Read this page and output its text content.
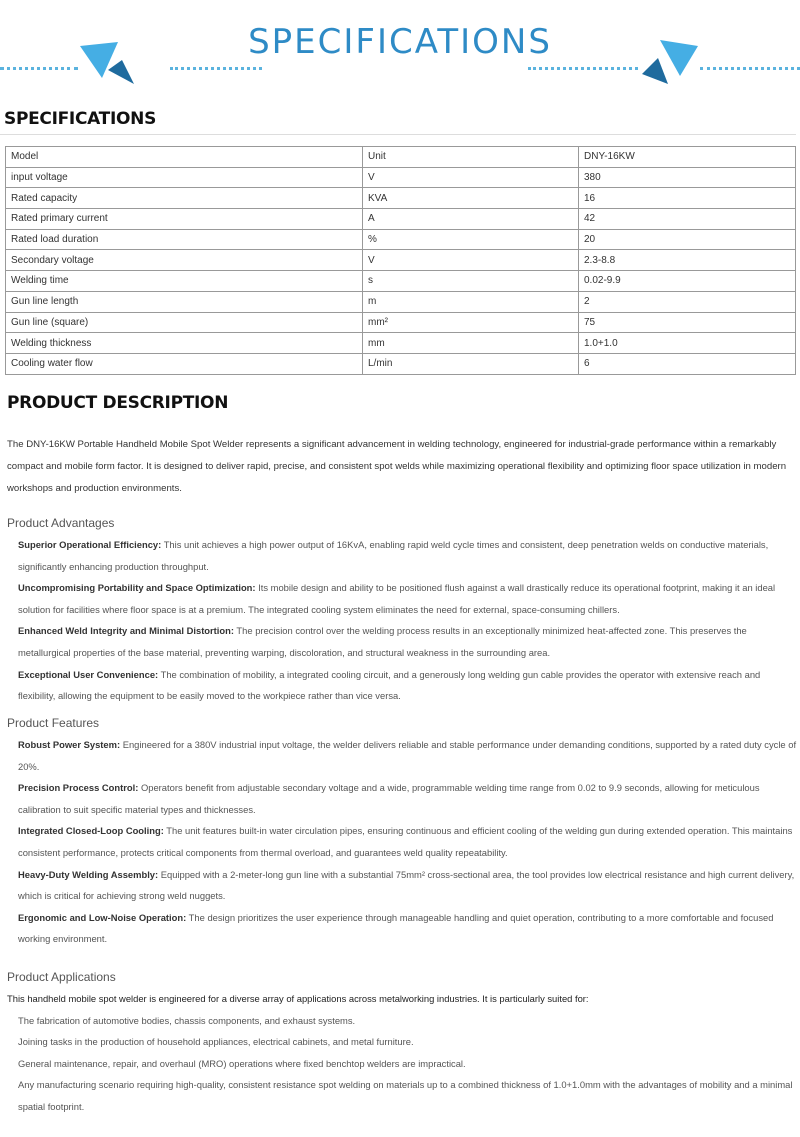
SPECIFICATIONS
SPECIFICATIONS
Model	Unit	DNY-16KW
input voltage	V	380
Rated capacity	KVA	16
Rated primary current	A	42
Rated load duration	%	20
Secondary voltage	V	2.3-8.8
Welding time	s	0.02-9.9
Gun line length	m	2
Gun line (square)	mm²	75
Welding thickness	mm	1.0+1.0
Cooling water flow	L/min	6
PRODUCT DESCRIPTION
The DNY-16KW Portable Handheld Mobile Spot Welder represents a significant advancement in welding technology, engineered for industrial-grade performance within a remarkably compact and mobile form factor. It is designed to deliver rapid, precise, and consistent spot welds while maximizing operational flexibility and optimizing floor space utilization in modern workshops and production environments.
Product Advantages

Superior Operational Efficiency: This unit achieves a high power output of 16KvA, enabling rapid weld cycle times and consistent, deep penetration welds on conductive materials, significantly enhancing production throughput.

Uncompromising Portability and Space Optimization: Its mobile design and ability to be positioned flush against a wall drastically reduce its operational footprint, making it an ideal solution for facilities where floor space is at a premium. The integrated cooling system eliminates the need for external, space-consuming chillers.

Enhanced Weld Integrity and Minimal Distortion: The precision control over the welding process results in an exceptionally minimized heat-affected zone. This preserves the metallurgical properties of the base material, preventing warping, discoloration, and structural weakness in the surrounding area.

Exceptional User Convenience: The combination of mobility, a integrated cooling circuit, and a generously long welding gun cable provides the operator with extensive reach and flexibility, allowing the equipment to be easily moved to the workpiece rather than vice versa.

Product Features

Robust Power System: Engineered for a 380V industrial input voltage, the welder delivers reliable and stable performance under demanding conditions, supported by a rated duty cycle of 20%.

Precision Process Control: Operators benefit from adjustable secondary voltage and a wide, programmable welding time range from 0.02 to 9.9 seconds, allowing for meticulous calibration to suit specific material types and thicknesses.

Integrated Closed-Loop Cooling: The unit features built-in water circulation pipes, ensuring continuous and efficient cooling of the welding gun during extended operation. This maintains consistent performance, protects critical components from thermal overload, and guarantees weld quality repeatability.

Heavy-Duty Welding Assembly: Equipped with a 2-meter-long gun line with a substantial 75mm² cross-sectional area, the tool provides low electrical resistance and high current delivery, which is critical for achieving strong weld nuggets.

Ergonomic and Low-Noise Operation: The design prioritizes the user experience through manageable handling and quiet operation, contributing to a more comfortable and focused working environment.

Product Applications

This handheld mobile spot welder is engineered for a diverse array of applications across metalworking industries. It is particularly suited for:

The fabrication of automotive bodies, chassis components, and exhaust systems.

Joining tasks in the production of household appliances, electrical cabinets, and metal furniture.

General maintenance, repair, and overhaul (MRO) operations where fixed benchtop welders are impractical.

Any manufacturing scenario requiring high-quality, consistent resistance spot welding on materials up to a combined thickness of 1.0+1.0mm with the advantages of mobility and a minimal spatial footprint.
